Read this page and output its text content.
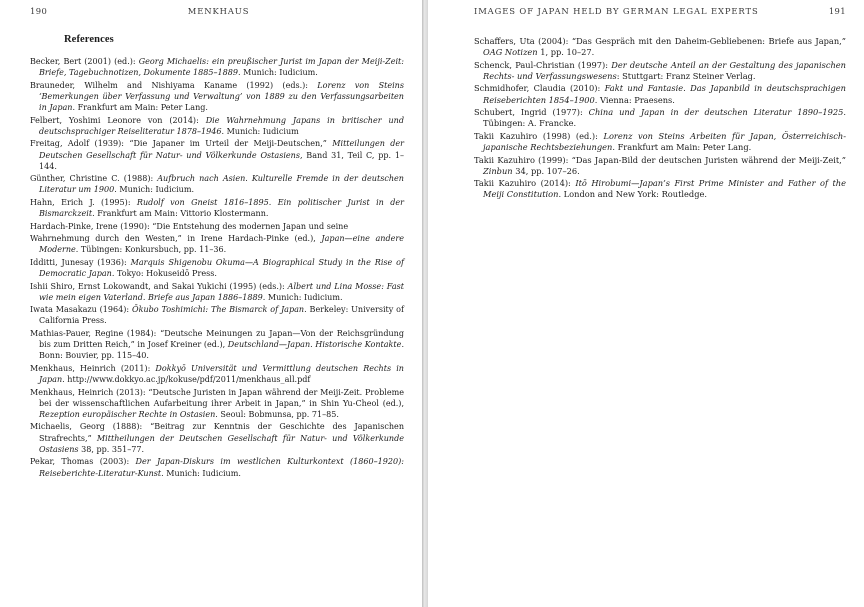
190	MENKHAUS
References
Becker, Bert (2001) (ed.): Georg Michaelis: ein preußischer Jurist im Japan der Meiji-Zeit: Briefe, Tagebuchnotizen, Dokumente 1885–1889. Munich: Iudicium.
Brauneder, Wilhelm and Nishiyama Kaname (1992) (eds.): Lorenz von Steins ‘Bemerkungen über Verfassung und Verwaltung’ von 1889 zu den Verfassungsarbeiten in Japan. Frankfurt am Main: Peter Lang.
Felbert, Yoshimi Leonore von (2014): Die Wahrnehmung Japans in britischer und deutschsprachiger Reiseliteratur 1878–1946. Munich: Iudicium
Freitag, Adolf (1939): “Die Japaner im Urteil der Meiji-Deutschen,” Mitteilungen der Deutschen Gesellschaft für Natur- und Völkerkunde Ostasiens, Band 31, Teil C, pp. 1–144.
Günther, Christine C. (1988): Aufbruch nach Asien. Kulturelle Fremde in der deutschen Literatur um 1900. Munich: Iudicium.
Hahn, Erich J. (1995): Rudolf von Gneist 1816–1895. Ein politischer Jurist in der Bismarckzeit. Frankfurt am Main: Vittorio Klostermann.
Hardach-Pinke, Irene (1990): “Die Entstehung des modernen Japan und seine
Wahrnehmung durch den Westen,” in Irene Hardach-Pinke (ed.), Japan—eine andere Moderne. Tübingen: Konkursbuch, pp. 11–36.
Idditti, Junesay (1936): Marquis Shigenobu Okuma—A Biographical Study in the Rise of Democratic Japan. Tokyo: Hokuseidō Press.
Ishii Shiro, Ernst Lokowandt, and Sakai Yukichi (1995) (eds.): Albert und Lina Mosse: Fast wie mein eigen Vaterland. Briefe aus Japan 1886–1889. Munich: Iudicium.
Iwata Masakazu (1964): Ōkubo Toshimichi: The Bismarck of Japan. Berkeley: University of California Press.
Mathias-Pauer, Regine (1984): “Deutsche Meinungen zu Japan—Von der Reichsgründung bis zum Dritten Reich,” in Josef Kreiner (ed.), Deutschland—Japan. Historische Kontakte. Bonn: Bouvier, pp. 115–40.
Menkhaus, Heinrich (2011): Dokkyō Universität und Vermittlung deutschen Rechts in Japan. http://www.dokkyo.ac.jp/kokuse/pdf/2011/menkhaus_all.pdf
Menkhaus, Heinrich (2013): “Deutsche Juristen in Japan während der Meiji-Zeit. Probleme bei der wissenschaftlichen Aufarbeitung ihrer Arbeit in Japan,” in Shin Yu-Cheol (ed.), Rezeption europäischer Rechte in Ostasien. Seoul: Bobmunsa, pp. 71–85.
Michaelis, Georg (1888): “Beitrag zur Kenntnis der Geschichte des Japanischen Strafrechts,” Mittheilungen der Deutschen Gesellschaft für Natur- und Völkerkunde Ostasiens 38, pp. 351–77.
Pekar, Thomas (2003): Der Japan-Diskurs im westlichen Kulturkontext (1860–1920): Reiseberichte-Literatur-Kunst. Munich: Iudicium.
IMAGES OF JAPAN HELD BY GERMAN LEGAL EXPERTS	191
Schaffers, Uta (2004): “Das Gespräch mit den Daheim-Gebliebenen: Briefe aus Japan,” OAG Notizen 1, pp. 10–27.
Schenck, Paul-Christian (1997): Der deutsche Anteil an der Gestaltung des japanischen Rechts- und Verfassungswesens: Stuttgart: Franz Steiner Verlag.
Schmidhofer, Claudia (2010): Fakt und Fantasie. Das Japanbild in deutschsprachigen Reiseberichten 1854–1900. Vienna: Praesens.
Schubert, Ingrid (1977): China und Japan in der deutschen Literatur 1890–1925. Tübingen: A. Francke.
Takii Kazuhiro (1998) (ed.): Lorenz von Steins Arbeiten für Japan, Österreichisch-japanische Rechtsbeziehungen. Frankfurt am Main: Peter Lang.
Takii Kazuhiro (1999): “Das Japan-Bild der deutschen Juristen während der Meiji-Zeit,” Zinbun 34, pp. 107–26.
Takii Kazuhiro (2014): Itō Hirobumi—Japan’s First Prime Minister and Father of the Meiji Constitution. London and New York: Routledge.
